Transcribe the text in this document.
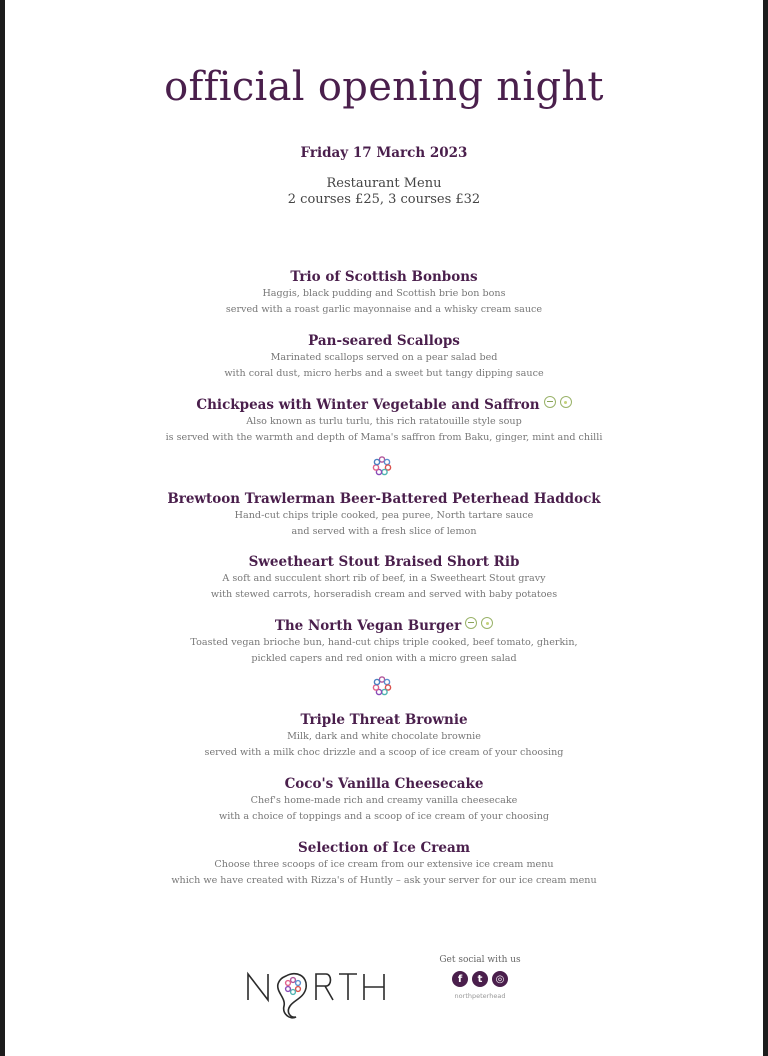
official opening night
Friday 17 March 2023
Restaurant Menu
2 courses £25, 3 courses £32
Trio of Scottish Bonbons
Haggis, black pudding and Scottish brie bon bons
served with a roast garlic mayonnaise and a whisky cream sauce
Pan-seared Scallops
Marinated scallops served on a pear salad bed
with coral dust, micro herbs and a sweet but tangy dipping sauce
Chickpeas with Winter Vegetable and Saffron
Also known as turlu turlu, this rich ratatouille style soup
is served with the warmth and depth of Mama's saffron from Baku, ginger, mint and chilli
Brewtoon Trawlerman Beer-Battered Peterhead Haddock
Hand-cut chips triple cooked, pea puree, North tartare sauce
and served with a fresh slice of lemon
Sweetheart Stout Braised Short Rib
A soft and succulent short rib of beef, in a Sweetheart Stout gravy
with stewed carrots, horseradish cream and served with baby potatoes
The North Vegan Burger
Toasted vegan brioche bun, hand-cut chips triple cooked, beef tomato, gherkin,
pickled capers and red onion with a micro green salad
Triple Threat Brownie
Milk, dark and white chocolate brownie
served with a milk choc drizzle and a scoop of ice cream of your choosing
Coco's Vanilla Cheesecake
Chef's home-made rich and creamy vanilla cheesecake
with a choice of toppings and a scoop of ice cream of your choosing
Selection of Ice Cream
Choose three scoops of ice cream from our extensive ice cream menu
which we have created with Rizza's of Huntly – ask your server for our ice cream menu
Get social with us
f	t	◎
northpeterhead
